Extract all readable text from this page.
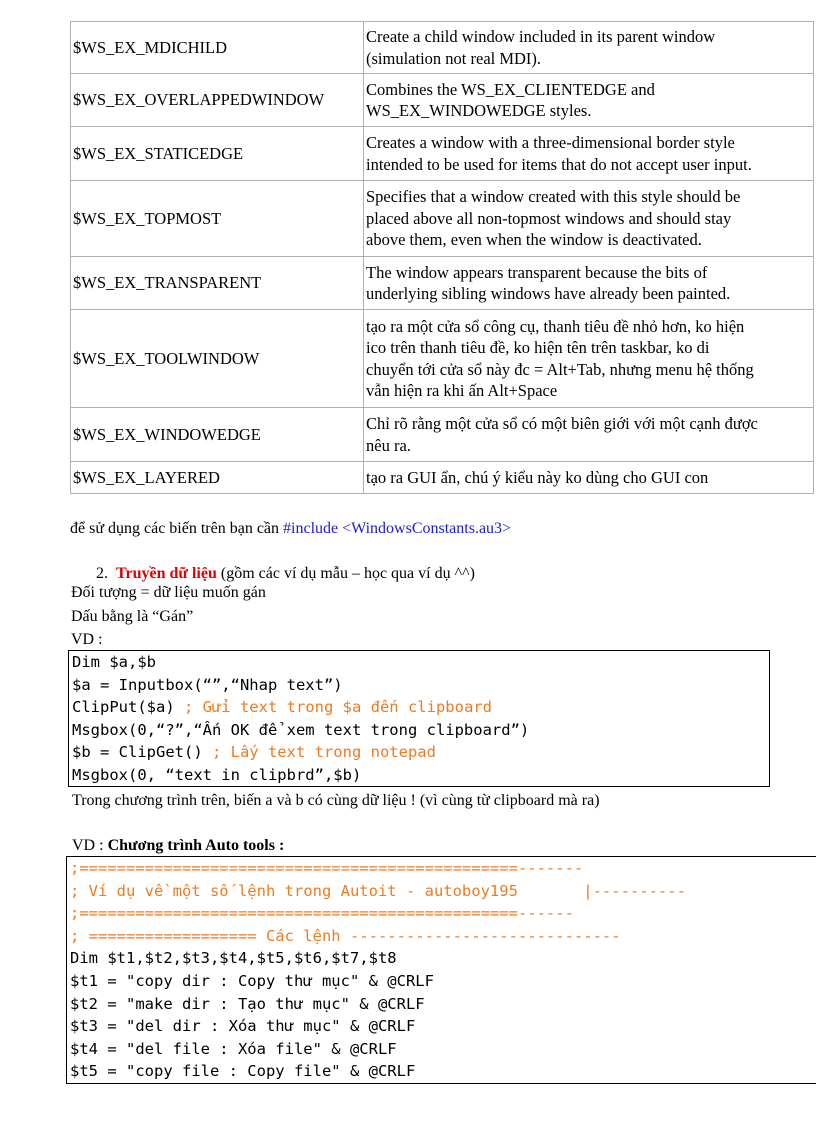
$WS_EX_MDICHILD	Create a child window included in its parent window
(simulation not real MDI).

$WS_EX_OVERLAPPEDWINDOW	Combines the WS_EX_CLIENTEDGE and
WS_EX_WINDOWEDGE styles.

$WS_EX_STATICEDGE	Creates a window with a three-dimensional border style
intended to be used for items that do not accept user input.

$WS_EX_TOPMOST	Specifies that a window created with this style should be
placed above all non-topmost windows and should stay
above them, even when the window is deactivated.

$WS_EX_TRANSPARENT	The window appears transparent because the bits of
underlying sibling windows have already been painted.

$WS_EX_TOOLWINDOW	tạo ra một cửa sổ công cụ, thanh tiêu đề nhỏ hơn, ko hiện
ico trên thanh tiêu đề, ko hiện tên trên taskbar, ko di
chuyển tới cửa sổ này đc = Alt+Tab, nhưng menu hệ thống
vẫn hiện ra khi ấn Alt+Space

$WS_EX_WINDOWEDGE	Chỉ rõ rằng một cửa sổ có một biên giới với một cạnh được
nêu ra.

$WS_EX_LAYERED	tạo ra GUI ẩn, chú ý kiểu này ko dùng cho GUI con
để sử dụng các biến trên bạn cần #include <WindowsConstants.au3>
2. Truyền dữ liệu (gồm các ví dụ mẫu – học qua ví dụ ^^)
Đối tượng = dữ liệu muốn gán
Dấu bằng là “Gán”
VD :
Dim $a,$b
$a = Inputbox(“”,“Nhap text”)
ClipPut($a) ; Gửi text trong $a đến clipboard
Msgbox(0,“?”,“Ấn OK để xem text trong clipboard”)
$b = ClipGet() ; Lấy text trong notepad
Msgbox(0, “text in clipbrd”,$b)
Trong chương trình trên, biến a và b có cùng dữ liệu ! (vì cùng từ clipboard mà ra)
VD : Chương trình Auto tools :
;===============================================-------
; Ví dụ về một số lệnh trong Autoit - autoboy195       |----------
;===============================================------
; ================== Các lệnh -----------------------------
Dim $t1,$t2,$t3,$t4,$t5,$t6,$t7,$t8
$t1 = "copy dir : Copy thư mục" & @CRLF
$t2 = "make dir : Tạo thư mục" & @CRLF
$t3 = "del dir : Xóa thư mục" & @CRLF
$t4 = "del file : Xóa file" & @CRLF
$t5 = "copy file : Copy file" & @CRLF
